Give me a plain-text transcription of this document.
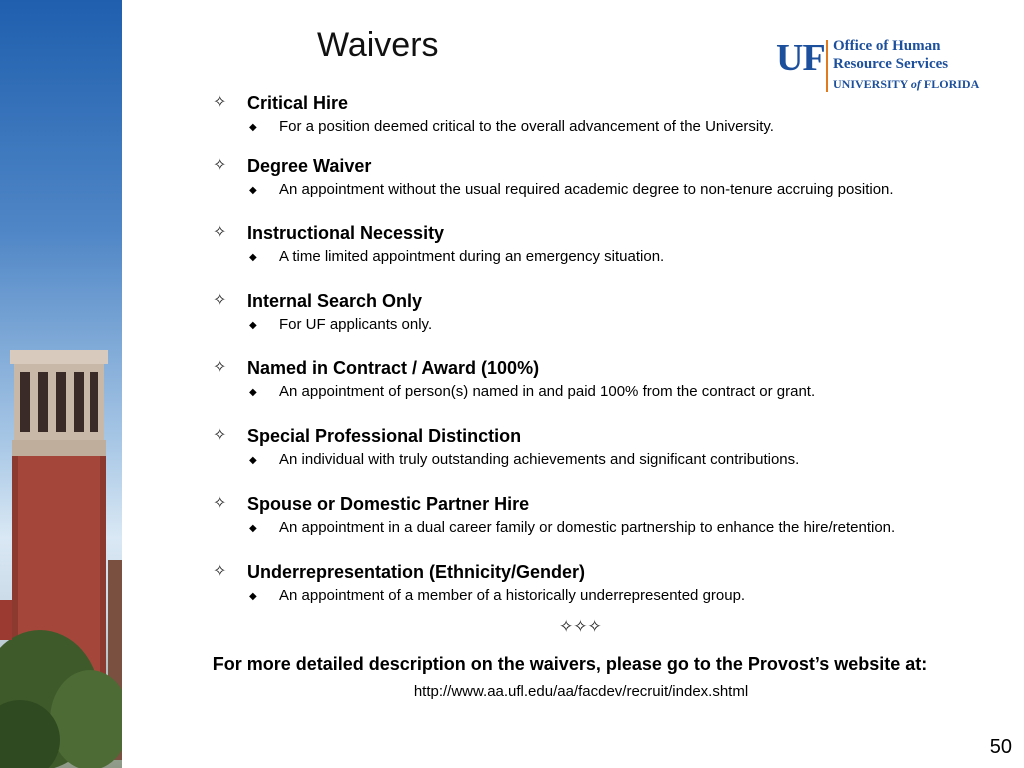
Waivers	UF Office of Human
Resource Services
UNIVERSITY of FLORIDA
✧ Critical Hire
◆ For a position deemed critical to the overall advancement of the University.
✧ Degree Waiver
◆ An appointment without the usual required academic degree to non-tenure accruing position.
✧ Instructional Necessity
◆ A time limited appointment during an emergency situation.
✧ Internal Search Only
◆ For UF applicants only.
✧ Named in Contract / Award (100%)
◆ An appointment of person(s) named in and paid 100% from the contract or grant.
✧ Special Professional Distinction
◆ An individual with truly outstanding achievements and significant contributions.
✧ Spouse or Domestic Partner Hire
◆ An appointment in a dual career family or domestic partnership to enhance the hire/retention.
✧ Underrepresentation (Ethnicity/Gender)
◆ An appointment of a member of a historically underrepresented group.
✧✧✧
For more detailed description on the waivers, please go to the Provost’s website at:
http://www.aa.ufl.edu/aa/facdev/recruit/index.shtml
50
